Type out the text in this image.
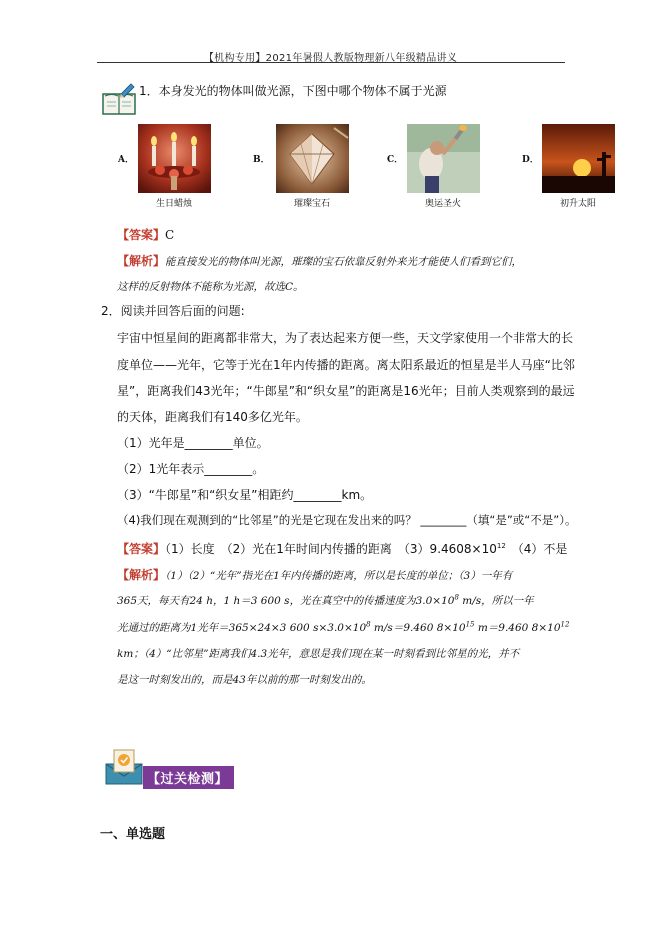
【机构专用】2021年暑假人教版物理新八年级精品讲义
1．本身发光的物体叫做光源，下图中哪个物体不属于光源
A．
生日蜡烛
B．
璀璨宝石
C．
奥运圣火
D．
初升太阳
【答案】C
【解析】能直接发光的物体叫光源，璀璨的宝石依靠反射外来光才能使人们看到它们，
这样的反射物体不能称为光源，故选C。
2．阅读并回答后面的问题:
宇宙中恒星间的距离都非常大，为了表达起来方便一些，天文学家使用一个非常大的长
度单位——光年，它等于光在1年内传播的距离。离太阳系最近的恒星是半人马座“比邻
星”，距离我们43光年；“牛郎星”和“织女星”的距离是16光年；目前人类观察到的最远
的天体，距离我们有140多亿光年。
（1）光年是________单位。
（2）1光年表示________。
（3）“牛郎星”和“织女星”相距约________km。
（4)我们现在观测到的“比邻星”的光是它现在发出来的吗？ ________（填“是”或“不是”）。
【答案】（1）长度　（2）光在1年时间内传播的距离　$(3)9.4608\times 10^{12}$　（4）不是
【解析】（1）（2）“光年”指光在1年内传播的距离，所以是长度的单位；（3）一年有
365天，每天有24 h，1 h＝3 600 s，光在真空中的传播速度为$3.0\times 10^8$ m/s，所以一年
光通过的距离为1光年＝365×24×3 600 $s\times 3.0\times 10^8$ m/s＝9.460 $8\times 10^{15}$ m＝9.460 $8\times 10^{12}$
km；（4）“比邻星”距离我们4.3光年，意思是我们现在某一时刻看到比邻星的光，并不
是这一时刻发出的，而是43年以前的那一时刻发出的。
【过关检测】
一、单选题
